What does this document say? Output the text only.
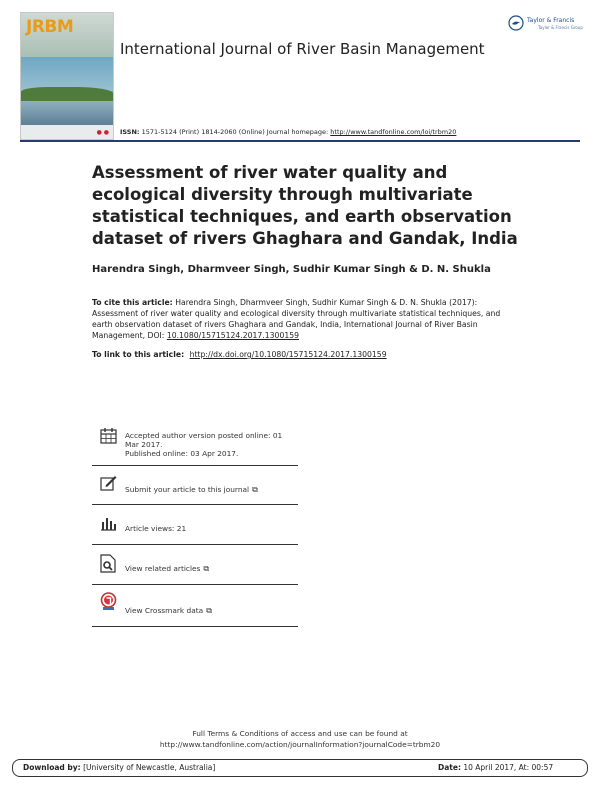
JRBM
● ●
International Journal of River Basin Management
Taylor & Francis
Taylor & Francis Group
ISSN: 1571-5124 (Print) 1814-2060 (Online) Journal homepage: http://www.tandfonline.com/loi/trbm20
Assessment of river water quality and ecological diversity through multivariate statistical techniques, and earth observation dataset of rivers Ghaghara and Gandak, India
Harendra Singh, Dharmveer Singh, Sudhir Kumar Singh & D. N. Shukla

To cite this article: Harendra Singh, Dharmveer Singh, Sudhir Kumar Singh & D. N. Shukla (2017): Assessment of river water quality and ecological diversity through multivariate statistical techniques, and earth observation dataset of rivers Ghaghara and Gandak, India, International Journal of River Basin Management, DOI: 10.1080/15715124.2017.1300159

To link to this article: http://dx.doi.org/10.1080/15715124.2017.1300159
Accepted author version posted online: 01 Mar 2017.
Published online: 03 Apr 2017.
Submit your article to this journal ⧉
Article views: 21
View related articles ⧉
View Crossmark data ⧉
Full Terms & Conditions of access and use can be found at
http://www.tandfonline.com/action/journalInformation?journalCode=trbm20
Download by: [University of Newcastle, Australia]	Date: 10 April 2017, At: 00:57
